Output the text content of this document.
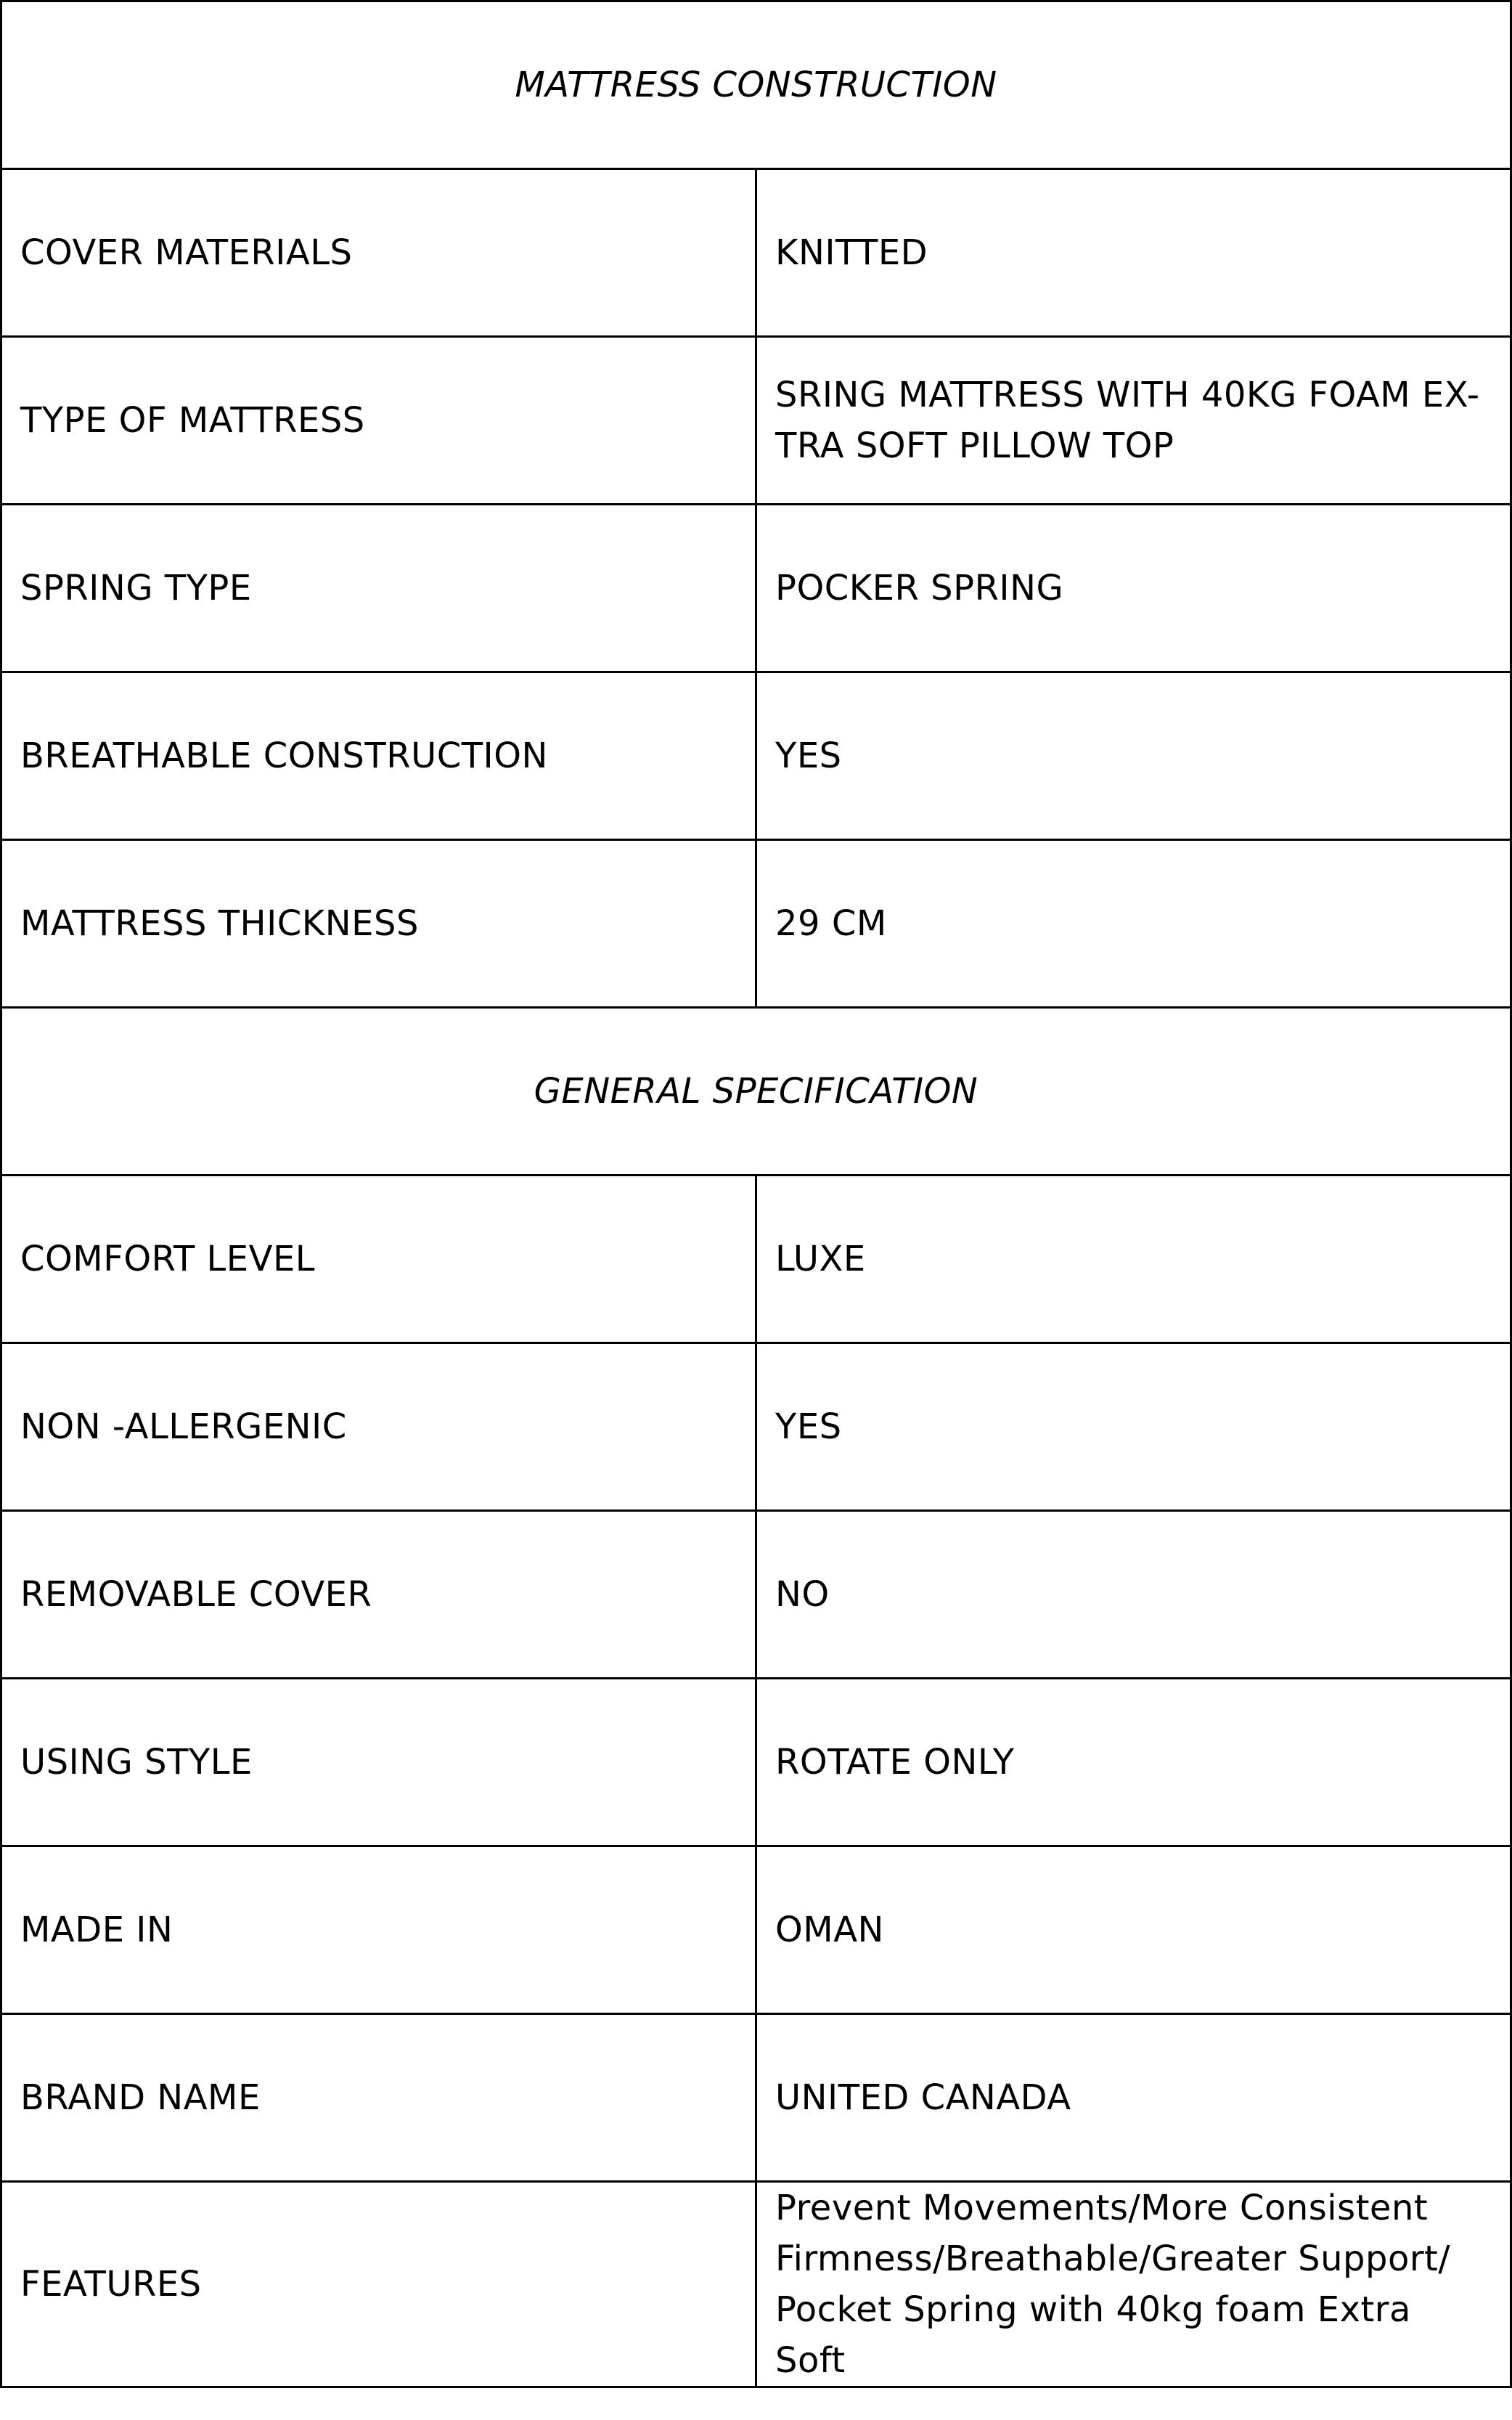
MATTRESS CONSTRUCTION	
COVER MATERIALS	KNITTED
TYPE OF MATTRESS	SRING MATTRESS WITH 40KG FOAM EX-TRA SOFT PILLOW TOP
SPRING TYPE	POCKER SPRING
BREATHABLE CONSTRUCTION	YES
MATTRESS THICKNESS	29 CM
GENERAL SPECIFICATION	
COMFORT LEVEL	LUXE
NON -ALLERGENIC	YES
REMOVABLE COVER	NO
USING STYLE	ROTATE ONLY
MADE IN	OMAN
BRAND NAME	UNITED CANADA
FEATURES	Prevent Movements/More Consistent Firmness/Breathable/Greater Support/ Pocket Spring with 40kg foam Extra Soft
